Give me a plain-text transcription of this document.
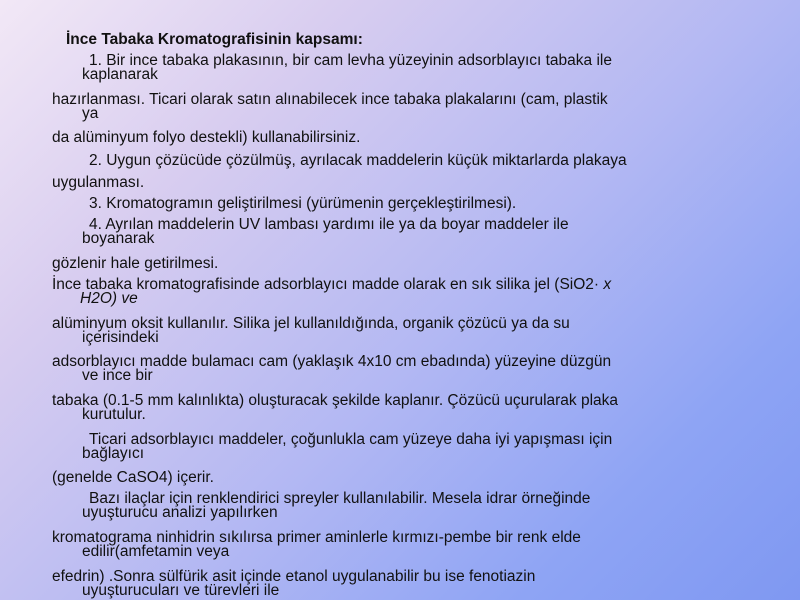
İnce Tabaka Kromatografisinin kapsamı:
1. Bir ince tabaka plakasının, bir cam levha yüzeyinin adsorblayıcı tabaka ile
kaplanarak
hazırlanması. Ticari olarak satın alınabilecek ince tabaka plakalarını (cam, plastik
ya
da alüminyum folyo destekli) kullanabilirsiniz.
2. Uygun çözücüde çözülmüş, ayrılacak maddelerin küçük miktarlarda plakaya
uygulanması.
3. Kromatogramın geliştirilmesi (yürümenin gerçekleştirilmesi).
4. Ayrılan maddelerin UV lambası yardımı ile ya da boyar maddeler ile
boyanarak
gözlenir hale getirilmesi.
İnce tabaka kromatografisinde adsorblayıcı madde olarak en sık silika jel (SiO2· x
H2O) ve
alüminyum oksit kullanılır. Silika jel kullanıldığında, organik çözücü ya da su
içerisindeki
adsorblayıcı madde bulamacı cam (yaklaşık 4x10 cm ebadında) yüzeyine düzgün
ve ince bir
tabaka (0.1-5 mm kalınlıkta) oluşturacak şekilde kaplanır. Çözücü uçurularak plaka
kurutulur.
Ticari adsorblayıcı maddeler, çoğunlukla cam yüzeye daha iyi yapışması için
bağlayıcı
(genelde CaSO4) içerir.
Bazı ilaçlar için renklendirici spreyler kullanılabilir. Mesela idrar örneğinde
uyuşturucu analizi yapılırken
kromatograma ninhidrin sıkılırsa primer aminlerle kırmızı-pembe bir renk elde
edilir(amfetamin veya
efedrin) .Sonra sülfürik asit içinde etanol uygulanabilir bu ise fenotiazin
uyuşturucuları ve türevleri ile
